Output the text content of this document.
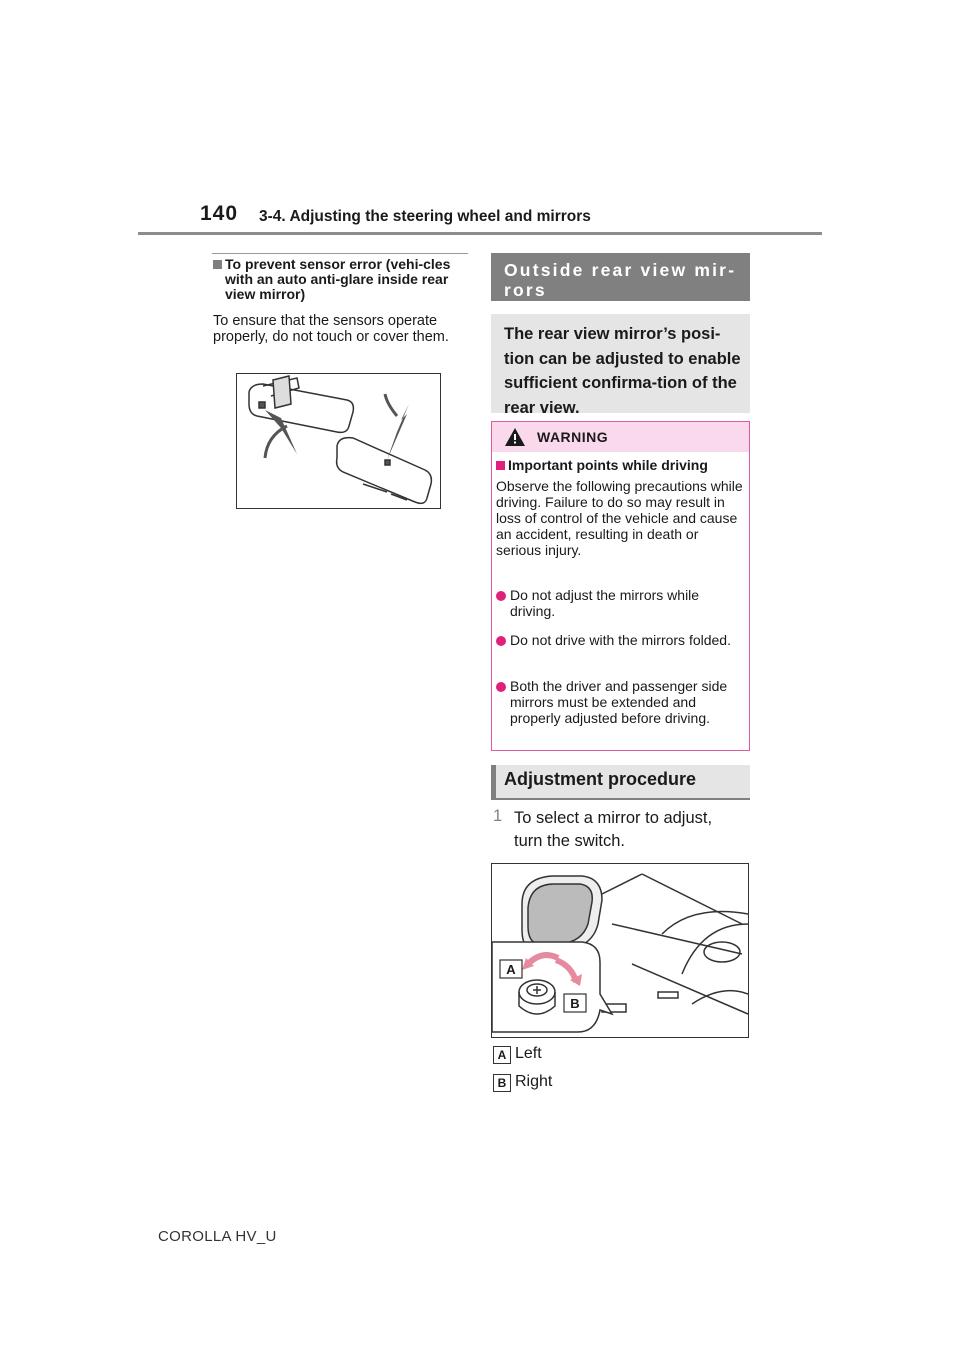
140 3-4. Adjusting the steering wheel and mirrors
To prevent sensor error (vehi-cles with an auto anti-glare inside rear view mirror)
To ensure that the sensors operate properly, do not touch or cover them.
Outside rear view mir-rors
The rear view mirror’s posi-tion can be adjusted to enable sufficient confirma-tion of the rear view.
WARNING
Important points while driving
Observe the following precautions while driving. Failure to do so may result in loss of control of the vehicle and cause an accident, resulting in death or serious injury.
Do not adjust the mirrors while driving.
Do not drive with the mirrors folded.
Both the driver and passenger side mirrors must be extended and properly adjusted before driving.
Adjustment procedure
1 To select a mirror to adjust, turn the switch.
A
B
A Left
B Right
COROLLA HV_U
